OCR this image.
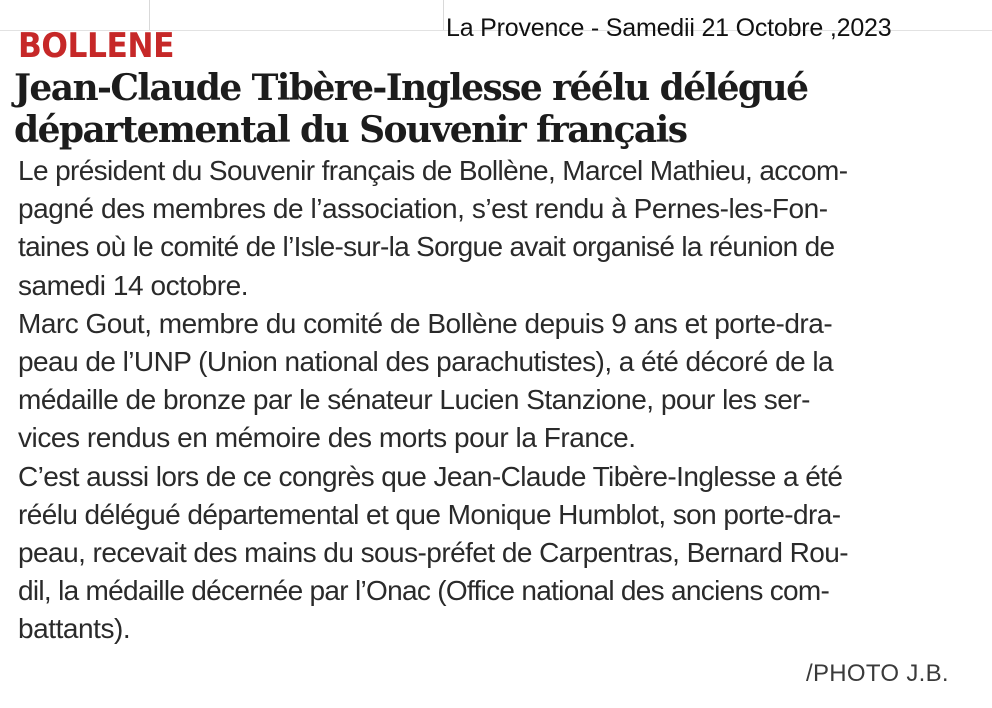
La Provence - Samedii 21 Octobre ,2023
BOLLENE
Jean-Claude Tibère-Inglesse réélu délégué
départemental du Souvenir français
Le président du Souvenir français de Bollène, Marcel Mathieu, accom-
pagné des membres de l’association, s’est rendu à Pernes-les-Fon-
taines où le comité de l’Isle-sur-la Sorgue avait organisé la réunion de
samedi 14 octobre.
Marc Gout, membre du comité de Bollène depuis 9 ans et porte-dra-
peau de l’UNP (Union national des parachutistes), a été décoré de la
médaille de bronze par le sénateur Lucien Stanzione, pour les ser-
vices rendus en mémoire des morts pour la France.
C’est aussi lors de ce congrès que Jean-Claude Tibère-Inglesse a été
réélu délégué départemental et que Monique Humblot, son porte-dra-
peau, recevait des mains du sous-préfet de Carpentras, Bernard Rou-
dil, la médaille décernée par l’Onac (Office national des anciens com-
battants).
/PHOTO J.B.
